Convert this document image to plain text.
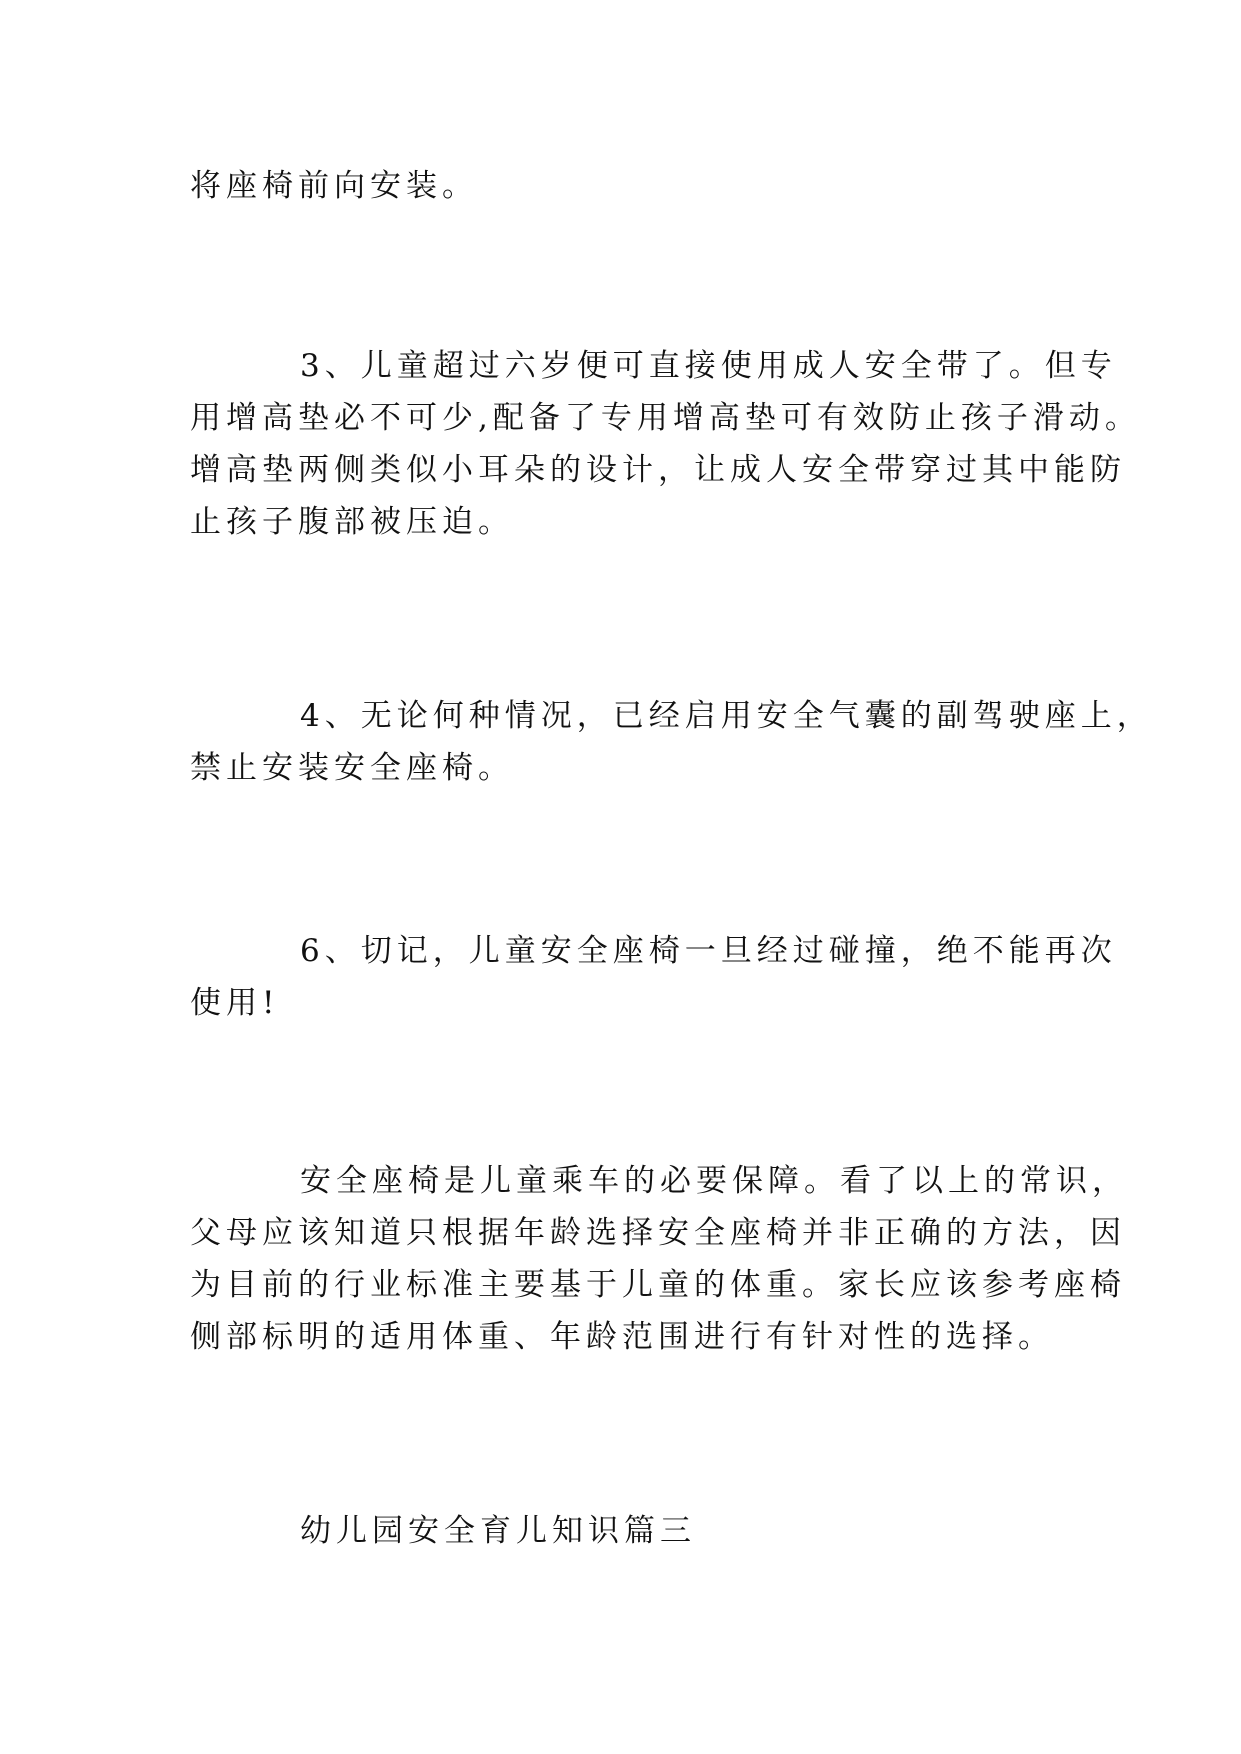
将座椅前向安装。
3、儿童超过六岁便可直接使用成人安全带了。但专
用增高垫必不可少,配备了专用增高垫可有效防止孩子滑动。
增高垫两侧类似小耳朵的设计，让成人安全带穿过其中能防
止孩子腹部被压迫。
4、无论何种情况，已经启用安全气囊的副驾驶座上，
禁止安装安全座椅。
6、切记，儿童安全座椅一旦经过碰撞，绝不能再次
使用!
安全座椅是儿童乘车的必要保障。看了以上的常识，
父母应该知道只根据年龄选择安全座椅并非正确的方法，因
为目前的行业标准主要基于儿童的体重。家长应该参考座椅
侧部标明的适用体重、年龄范围进行有针对性的选择。
幼儿园安全育儿知识篇三
